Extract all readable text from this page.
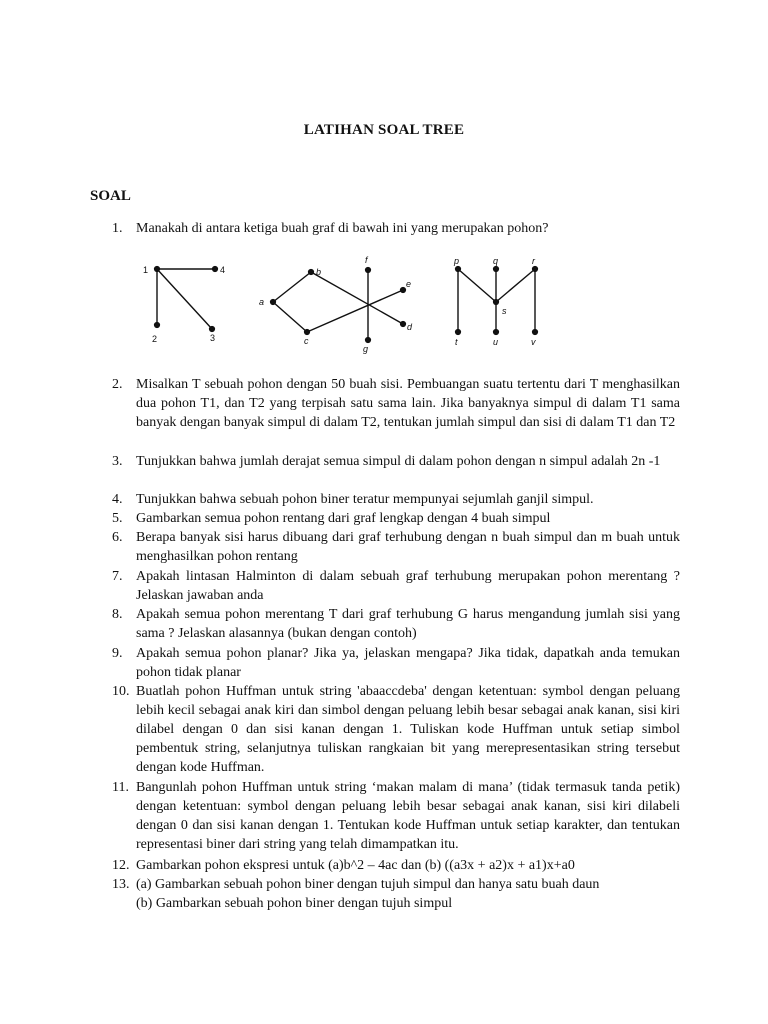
LATIHAN SOAL TREE
SOAL
1. Manakah di antara ketiga buah graf di bawah ini yang merupakan pohon?
1	4
2	3
a
b
c
f
e
d
g
p	q	r
s
t	u	v
2. Misalkan T sebuah pohon dengan 50 buah sisi. Pembuangan suatu tertentu dari T menghasilkan dua pohon T1, dan T2 yang terpisah satu sama lain. Jika banyaknya simpul di dalam T1 sama banyak dengan banyak simpul di dalam T2, tentukan jumlah simpul dan sisi di dalam T1 dan T2
3. Tunjukkan bahwa jumlah derajat semua simpul di dalam pohon dengan n simpul adalah 2n -1
4. Tunjukkan bahwa sebuah pohon biner teratur mempunyai sejumlah ganjil simpul.
5. Gambarkan semua pohon rentang dari graf lengkap dengan 4 buah simpul
6. Berapa banyak sisi harus dibuang dari graf terhubung dengan n buah simpul dan m buah untuk menghasilkan pohon rentang
7. Apakah lintasan Halminton di dalam sebuah graf terhubung merupakan pohon merentang ? Jelaskan jawaban anda
8. Apakah semua pohon merentang T dari graf terhubung G harus mengandung jumlah sisi yang sama ? Jelaskan alasannya (bukan dengan contoh)
9. Apakah semua pohon planar? Jika ya, jelaskan mengapa? Jika tidak, dapatkah anda temukan pohon tidak planar
10. Buatlah pohon Huffman untuk string 'abaaccdeba' dengan ketentuan: symbol dengan peluang lebih kecil sebagai anak kiri dan simbol dengan peluang lebih besar sebagai anak kanan, sisi kiri dilabel dengan 0 dan sisi kanan dengan 1. Tuliskan kode Huffman untuk setiap simbol pembentuk string, selanjutnya tuliskan rangkaian bit yang merepresentasikan string tersebut dengan kode Huffman.
11. Bangunlah pohon Huffman untuk string ‘makan malam di mana’ (tidak termasuk tanda petik) dengan ketentuan: symbol dengan peluang lebih besar sebagai anak kanan, sisi kiri dilabeli dengan 0 dan sisi kanan dengan 1. Tentukan kode Huffman untuk setiap karakter, dan tentukan representasi biner dari string yang telah dimampatkan itu.
12. Gambarkan pohon ekspresi untuk (a)b^2 – 4ac dan (b) ((a3x + a2)x + a1)x+a0
13. (a) Gambarkan sebuah pohon biner dengan tujuh simpul dan hanya satu buah daun
(b) Gambarkan sebuah pohon biner dengan tujuh simpul
